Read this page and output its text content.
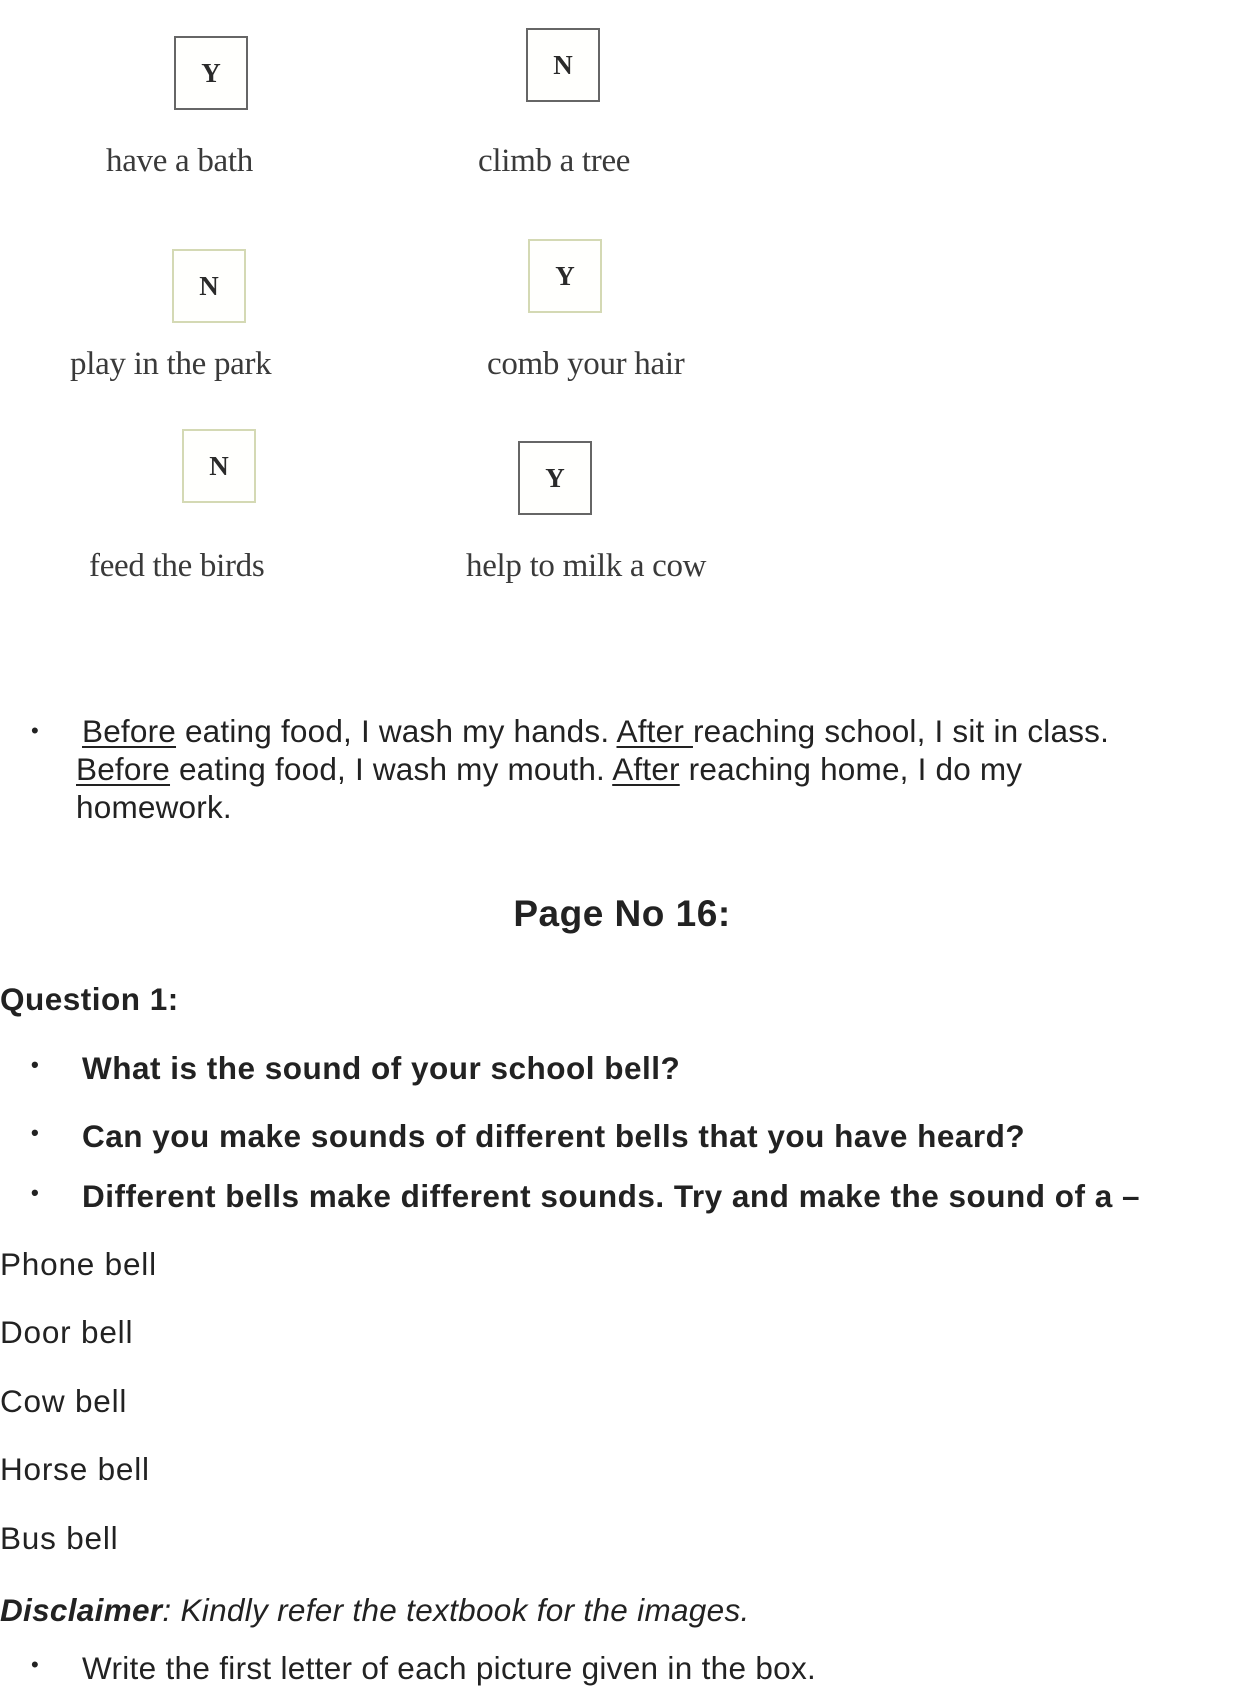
Y
have a bath
N
climb a tree
N
play in the park
Y
comb your hair
N
feed the birds
Y
help to milk a cow
• Before eating food, I wash my hands. After reaching school, I sit in class.
Before eating food, I wash my mouth. After reaching home, I do my
homework.
Page No 16:
Question 1:
• What is the sound of your school bell?
• Can you make sounds of different bells that you have heard?
• Different bells make different sounds. Try and make the sound of a –
Phone bell
Door bell
Cow bell
Horse bell
Bus bell
Disclaimer: Kindly refer the textbook for the images.
• Write the first letter of each picture given in the box.
